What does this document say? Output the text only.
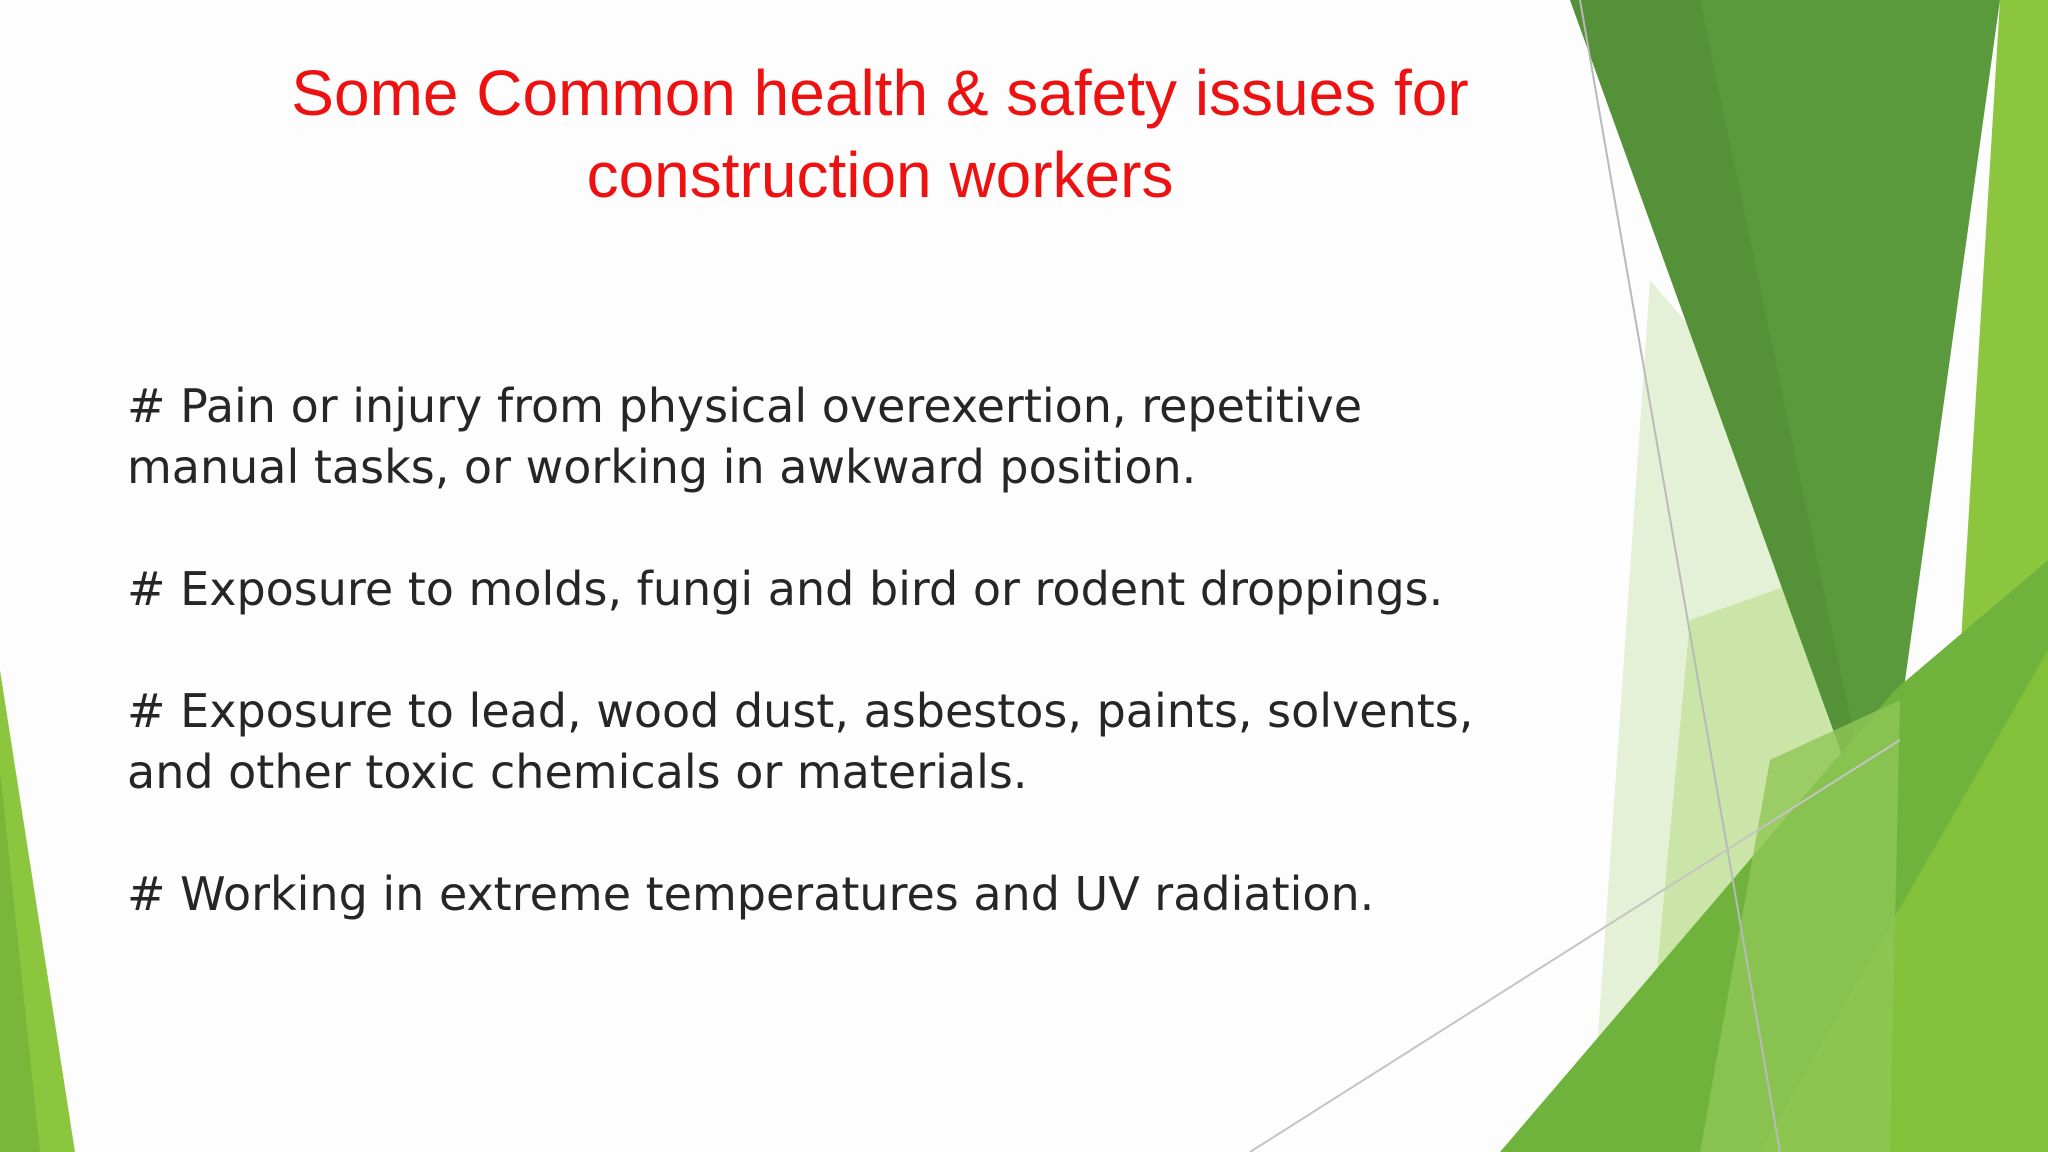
Some Common health & safety issues for
construction workers
# Pain or injury from physical overexertion, repetitive
manual tasks, or working in awkward position.
# Exposure to molds, fungi and bird or rodent droppings.
# Exposure to lead, wood dust, asbestos, paints, solvents,
and other toxic chemicals or materials.
# Working in extreme temperatures and UV radiation.
